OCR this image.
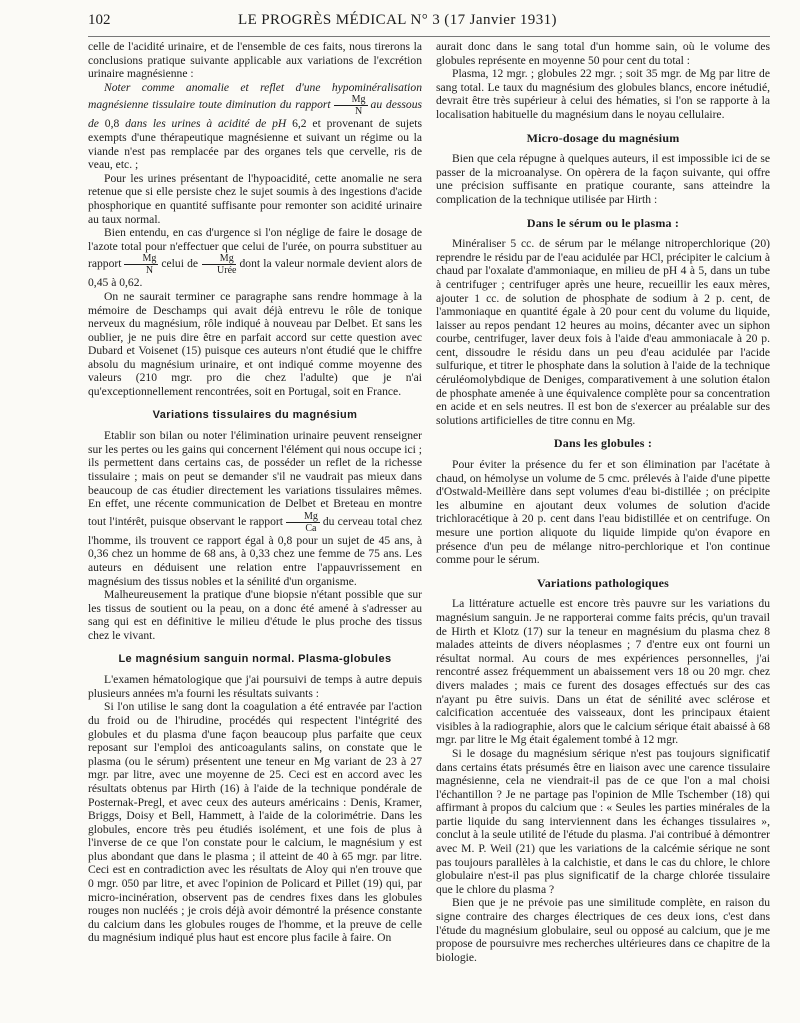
102	LE PROGRÈS MÉDICAL N° 3 (17 Janvier 1931)

celle de l'acidité urinaire, et de l'ensemble de ces faits, nous tirerons la conclusions pratique suivante applicable aux variations de l'excrétion urinaire magnésienne :

Noter comme anomalie et reflet d'une hypominéralisation magnésienne tissulaire toute diminution du rapport $\frac{Mg}{N}$ au dessous de 0,8 dans les urines à acidité de pH 6,2 et provenant de sujets exempts d'une thérapeutique magnésienne et suivant un régime ou la viande n'est pas remplacée par des organes tels que cervelle, ris de veau, etc. ;

Pour les urines présentant de l'hypoacidité, cette anomalie ne sera retenue que si elle persiste chez le sujet soumis à des ingestions d'acide phosphorique en quantité suffisante pour remonter son acidité urinaire au taux normal.

Bien entendu, en cas d'urgence si l'on néglige de faire le dosage de l'azote total pour n'effectuer que celui de l'urée, on pourra substituer au rapport $\frac{Mg}{N}$ celui de $\frac{Mg}{\text{Urée}}$ dont la valeur normale devient alors de 0,45 à 0,62.

On ne saurait terminer ce paragraphe sans rendre hommage à la mémoire de Deschamps qui avait déjà entrevu le rôle de tonique nerveux du magnésium, rôle indiqué à nouveau par Delbet. Et sans les oublier, je ne puis dire être en parfait accord sur cette question avec Dubard et Voisenet (15) puisque ces auteurs n'ont étudié que le chiffre absolu du magnésium urinaire, et ont indiqué comme moyenne des valeurs (210 mgr. pro die chez l'adulte) que je n'ai qu'exceptionnellement rencontrées, soit en Portugal, soit en France.

Variations tissulaires du magnésium

Etablir son bilan ou noter l'élimination urinaire peuvent renseigner sur les pertes ou les gains qui concernent l'élément qui nous occupe ici ; ils permettent dans certains cas, de posséder un reflet de la richesse tissulaire ; mais on peut se demander s'il ne vaudrait pas mieux dans beaucoup de cas étudier directement les variations tissulaires mêmes. En effet, une récente communication de Delbet et Breteau en montre tout l'intérêt, puisque observant le rapport $\frac{Mg}{Ca}$ du cerveau total chez l'homme, ils trouvent ce rapport égal à 0,8 pour un sujet de 45 ans, à 0,36 chez un homme de 68 ans, à 0,33 chez une femme de 75 ans. Les auteurs en déduisent une relation entre l'appauvrissement en magnésium des tissus nobles et la sénilité d'un organisme.

Malheureusement la pratique d'une biopsie n'étant possible que sur les tissus de soutient ou la peau, on a donc été amené à s'adresser au sang qui est en définitive le milieu d'étude le plus proche des tissus chez le vivant.

Le magnésium sanguin normal. Plasma-globules

L'examen hématologique que j'ai poursuivi de temps à autre depuis plusieurs années m'a fourni les résultats suivants :

Si l'on utilise le sang dont la coagulation a été entravée par l'action du froid ou de l'hirudine, procédés qui respectent l'intégrité des globules et du plasma d'une façon beaucoup plus parfaite que ceux reposant sur l'emploi des anticoagulants salins, on constate que le plasma (ou le sérum) présentent une teneur en Mg variant de 23 à 27 mgr. par litre, avec une moyenne de 25. Ceci est en accord avec les résultats obtenus par Hirth (16) à l'aide de la technique pondérale de Posternak-Pregl, et avec ceux des auteurs américains : Denis, Kramer, Briggs, Doisy et Bell, Hammett, à l'aide de la colorimétrie. Dans les globules, encore très peu étudiés isolément, et une fois de plus à l'inverse de ce que l'on constate pour le calcium, le magnésium y est plus abondant que dans le plasma ; il atteint de 40 à 65 mgr. par litre. Ceci est en contradiction avec les résultats de Aloy qui n'en trouve que 0 mgr. 050 par litre, et avec l'opinion de Policard et Pillet (19) qui, par micro-incinération, observent pas de cendres fixes dans les globules rouges non nucléés ; je crois déjà avoir démontré la présence constante du calcium dans les globules rouges de l'homme, et la preuve de celle du magnésium indiqué plus haut est encore plus facile à faire. On

aurait donc dans le sang total d'un homme sain, où le volume des globules représente en moyenne 50 pour cent du total :

Plasma, 12 mgr. ; globules 22 mgr. ; soit 35 mgr. de Mg par litre de sang total. Le taux du magnésium des globules blancs, encore inétudié, devrait être très supérieur à celui des hématies, si l'on se rapporte à la localisation habituelle du magnésium dans le noyau cellulaire.

Micro-dosage du magnésium

Bien que cela répugne à quelques auteurs, il est impossible ici de se passer de la microanalyse. On opèrera de la façon suivante, qui offre une précision suffisante en pratique courante, sans atteindre la complication de la technique utilisée par Hirth :

Dans le sérum ou le plasma :

Minéraliser 5 cc. de sérum par le mélange nitroperchlorique (20) reprendre le résidu par de l'eau acidulée par HCl, précipiter le calcium à chaud par l'oxalate d'ammoniaque, en milieu de pH 4 à 5, dans un tube à centrifuger ; centrifuger après une heure, recueillir les eaux mères, ajouter 1 cc. de solution de phosphate de sodium à 2 p. cent, de l'ammoniaque en quantité égale à 20 pour cent du volume du liquide, laisser au repos pendant 12 heures au moins, décanter avec un siphon courbe, centrifuger, laver deux fois à l'aide d'eau ammoniacale à 20 p. cent, dissoudre le résidu dans un peu d'eau acidulée par l'acide sulfurique, et titrer le phosphate dans la solution à l'aide de la technique céruléomolybdique de Deniges, comparativement à une solution étalon de phosphate amenée à une équivalence complète pour sa concentration en acide et en sels neutres. Il est bon de s'exercer au préalable sur des solutions artificielles de titre connu en Mg.

Dans les globules :

Pour éviter la présence du fer et son élimination par l'acétate à chaud, on hémolyse un volume de 5 cmc. prélevés à l'aide d'une pipette d'Ostwald-Meillère dans sept volumes d'eau bi-distillée ; on précipite les albumine en ajoutant deux volumes de solution d'acide trichloracétique à 20 p. cent dans l'eau bidistillée et on centrifuge. On mesure une portion aliquote du liquide limpide qu'on évapore en présence d'un peu de mélange nitro-perchlorique et l'on continue comme pour le sérum.

Variations pathologiques

La littérature actuelle est encore très pauvre sur les variations du magnésium sanguin. Je ne rapporterai comme faits précis, qu'un travail de Hirth et Klotz (17) sur la teneur en magnésium du plasma chez 8 malades atteints de divers néoplasmes ; 7 d'entre eux ont fourni un résultat normal. Au cours de mes expériences personnelles, j'ai rencontré assez fréquemment un abaissement vers 18 ou 20 mgr. chez divers malades ; mais ce furent des dosages effectués sur des cas n'ayant pu être suivis. Dans un état de sénilité avec sclérose et calcification accentuée des vaisseaux, dont les principaux étaient visibles à la radiographie, alors que le calcium sérique était abaissé à 68 mgr. par litre le Mg était également tombé à 12 mgr.

Si le dosage du magnésium sérique n'est pas toujours significatif dans certains états présumés être en liaison avec une carence tissulaire magnésienne, cela ne viendrait-il pas de ce que l'on a mal choisi l'échantillon ? Je ne partage pas l'opinion de Mlle Tschember (18) qui affirmant à propos du calcium que : « Seules les parties minérales de la partie liquide du sang interviennent dans les échanges tissulaires », conclut à la seule utilité de l'étude du plasma. J'ai contribué à démontrer avec M. P. Weil (21) que les variations de la calcémie sérique ne sont pas toujours parallèles à la calchistie, et dans le cas du chlore, le chlore globulaire n'est-il pas plus significatif de la charge chlorée tissulaire que le chlore du plasma ?

Bien que je ne prévoie pas une similitude complète, en raison du signe contraire des charges électriques de ces deux ions, c'est dans l'étude du magnésium globulaire, seul ou opposé au calcium, que je me propose de poursuivre mes recherches ultérieures dans ce chapitre de la biologie.
